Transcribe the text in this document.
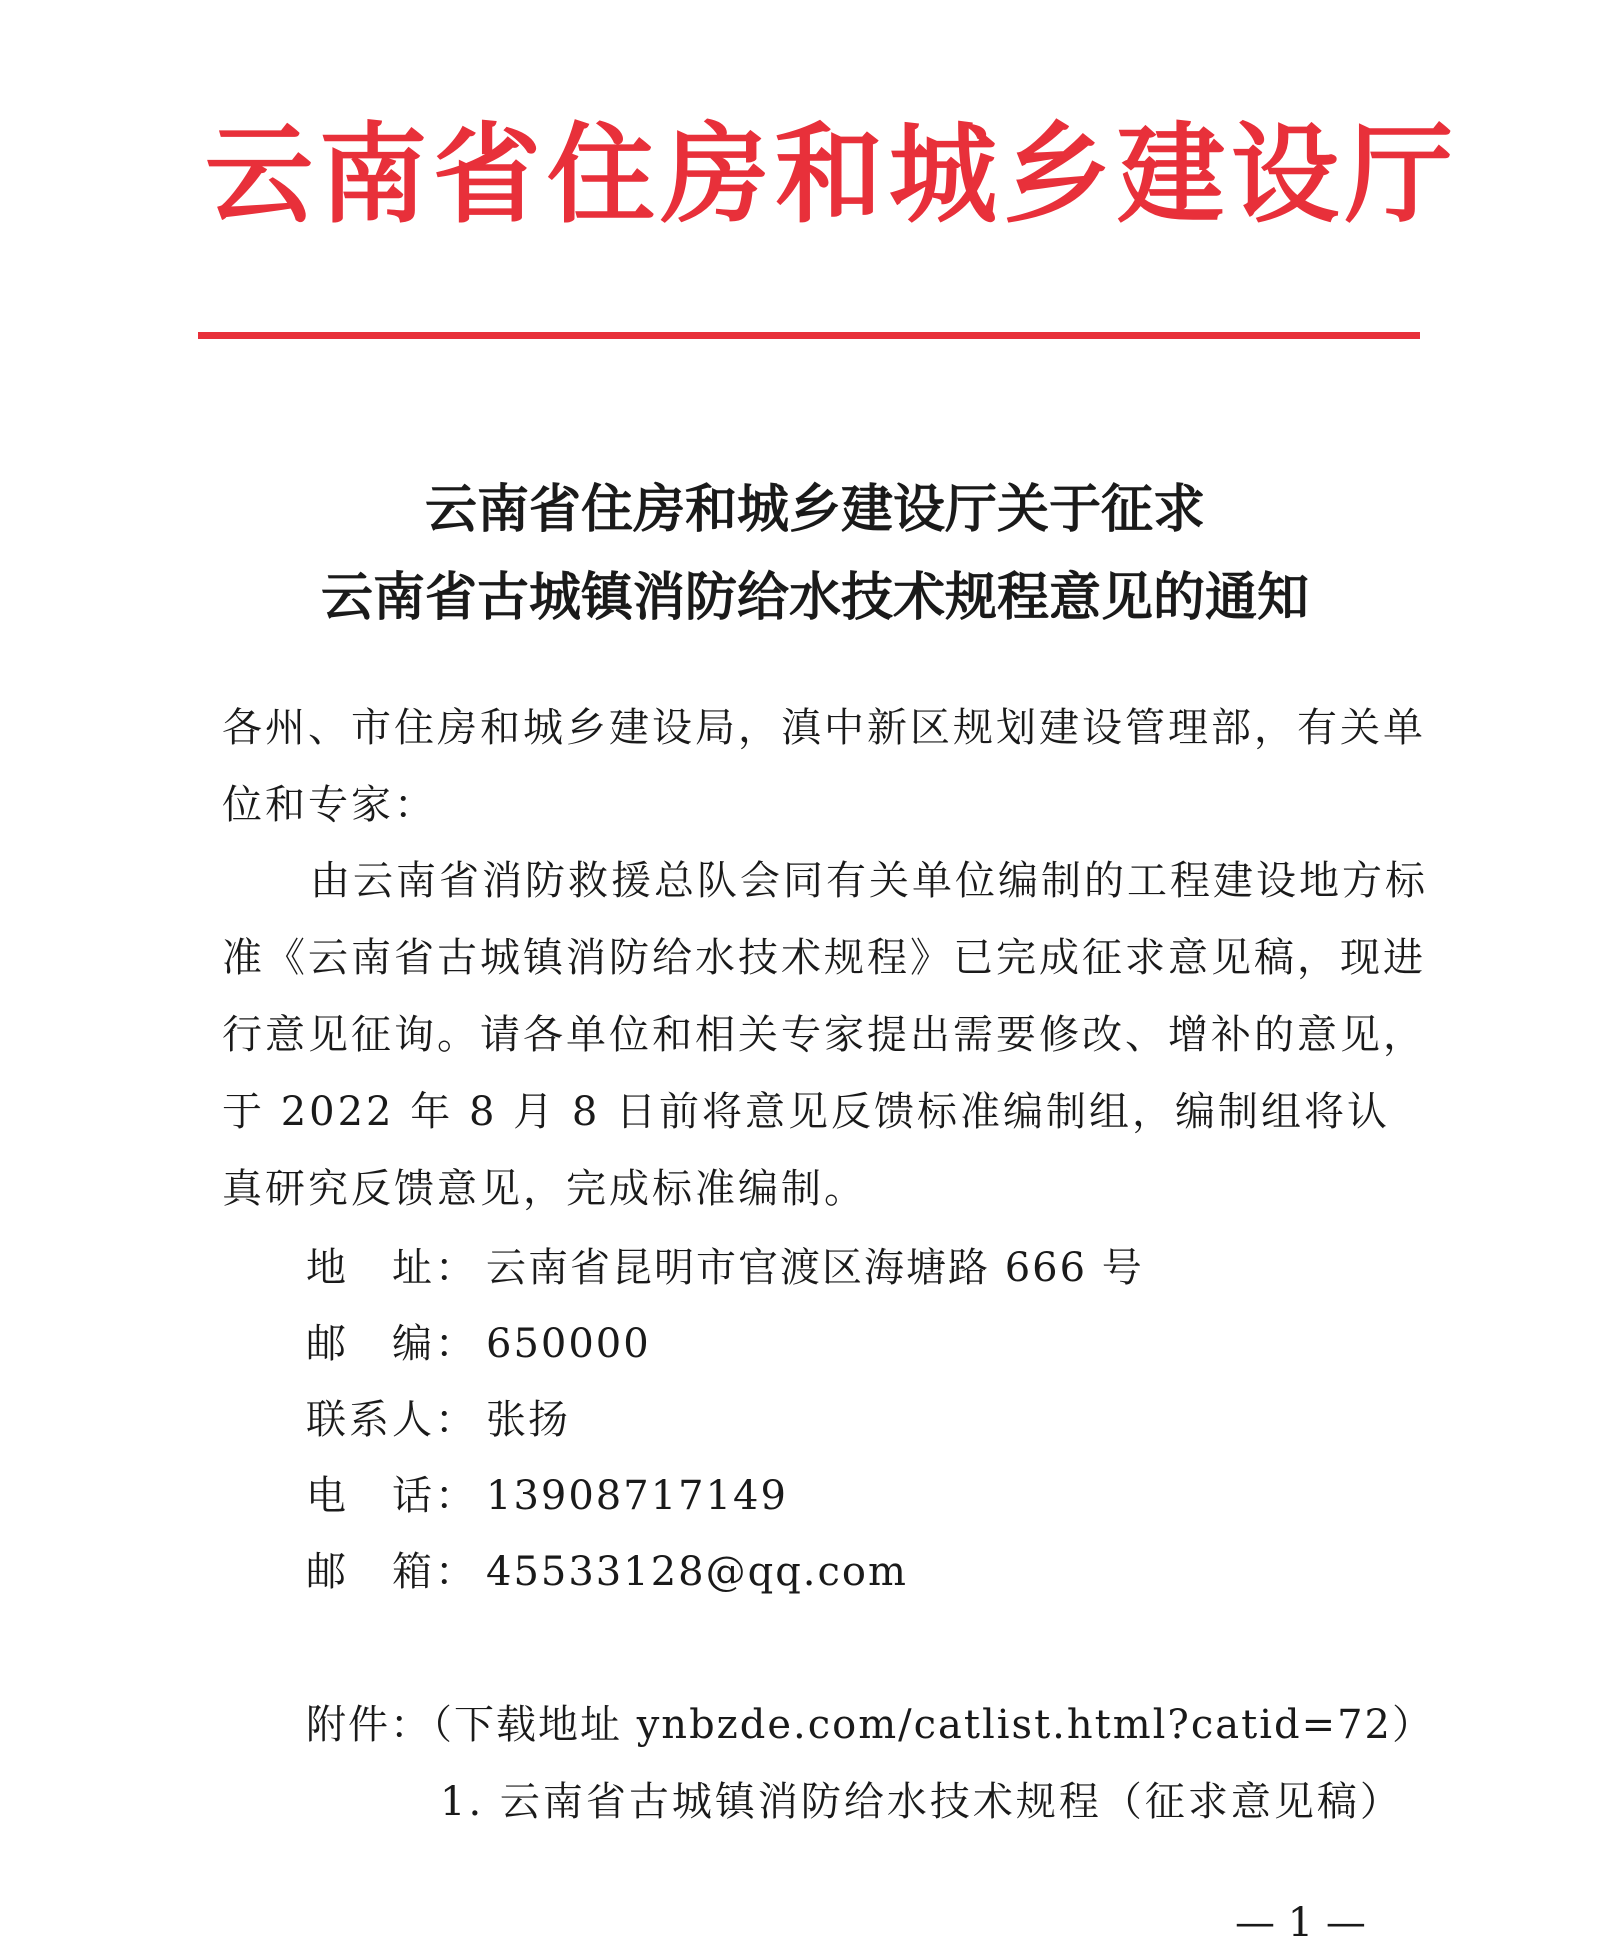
云南省住房和城乡建设厅
云南省住房和城乡建设厅关于征求
云南省古城镇消防给水技术规程意见的通知

各州、市住房和城乡建设局，滇中新区规划建设管理部，有关单位和专家：

由云南省消防救援总队会同有关单位编制的工程建设地方标准《云南省古城镇消防给水技术规程》已完成征求意见稿，现进行意见征询。请各单位和相关专家提出需要修改、增补的意见，于 2022 年 8 月 8 日前将意见反馈标准编制组，编制组将认真研究反馈意见，完成标准编制。

地　址： 云南省昆明市官渡区海塘路 666 号
邮　编： 650000
联系人： 张扬
电　话： 13908717149
邮　箱： 45533128@qq.com
附件：（下载地址 ynbzde.com/catlist.html?catid=72）
1. 云南省古城镇消防给水技术规程（征求意见稿）
— 1 —
